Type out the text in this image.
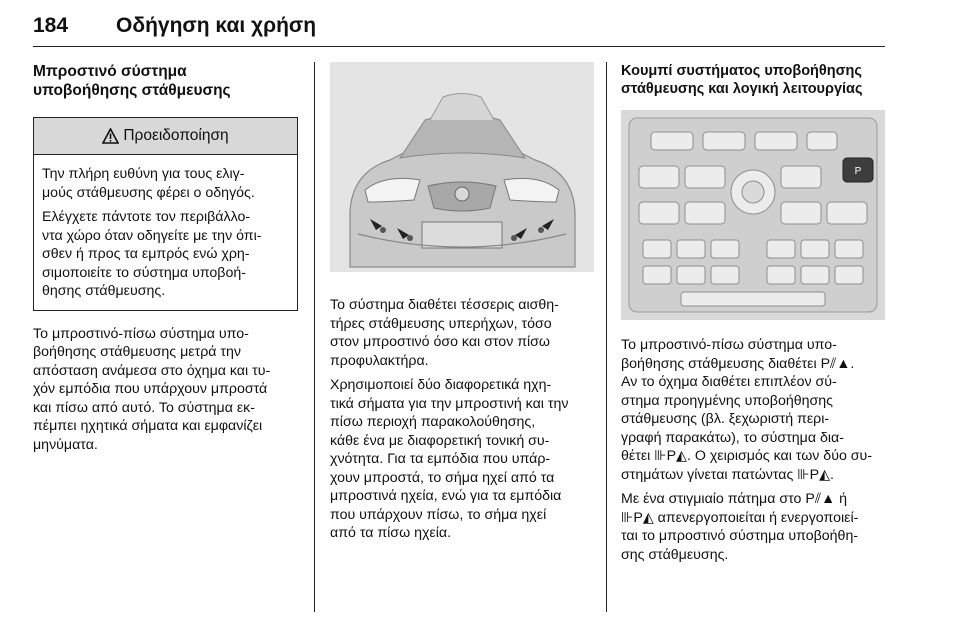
184 Οδήγηση και χρήση
Μπροστινό σύστημα
υποβοήθησης στάθμευσης
Προειδοποίηση

Την πλήρη ευθύνη για τους ελιγ-
μούς στάθμευσης φέρει ο οδηγός.

Ελέγχετε πάντοτε τον περιβάλλο-
ντα χώρο όταν οδηγείτε με την όπι-
σθεν ή προς τα εμπρός ενώ χρη-
σιμοποιείτε το σύστημα υποβοή-
θησης στάθμευσης.

Το μπροστινό-πίσω σύστημα υπο-
βοήθησης στάθμευσης μετρά την
απόσταση ανάμεσα στο όχημα και τυ-
χόν εμπόδια που υπάρχουν μπροστά
και πίσω από αυτό. Το σύστημα εκ-
πέμπει ηχητικά σήματα και εμφανίζει
μηνύματα.

Το σύστημα διαθέτει τέσσερις αισθη-
τήρες στάθμευσης υπερήχων, τόσο
στον μπροστινό όσο και στον πίσω
προφυλακτήρα.

Χρησιμοποιεί δύο διαφορετικά ηχη-
τικά σήματα για την μπροστινή και την
πίσω περιοχή παρακολούθησης,
κάθε ένα με διαφορετική τονική συ-
χνότητα. Για τα εμπόδια που υπάρ-
χουν μπροστά, το σήμα ηχεί από τα
μπροστινά ηχεία, ενώ για τα εμπόδια
που υπάρχουν πίσω, το σήμα ηχεί
από τα πίσω ηχεία.

Κουμπί συστήματος υποβοήθησης
στάθμευσης και λογική λειτουργίας
P

Το μπροστινό-πίσω σύστημα υπο-
βοήθησης στάθμευσης διαθέτει P⫽▲.
Αν το όχημα διαθέτει επιπλέον σύ-
στημα προηγμένης υποβοήθησης
στάθμευσης (βλ. ξεχωριστή περι-
γραφή παρακάτω), το σύστημα δια-
θέτει ⊪P◭. Ο χειρισμός και των δύο συ-
στημάτων γίνεται πατώντας ⊪P◭.

Με ένα στιγμιαίο πάτημα στο P⫽▲ ή
⊪P◭ απενεργοποιείται ή ενεργοποιεί-
ται το μπροστινό σύστημα υποβοήθη-
σης στάθμευσης.
